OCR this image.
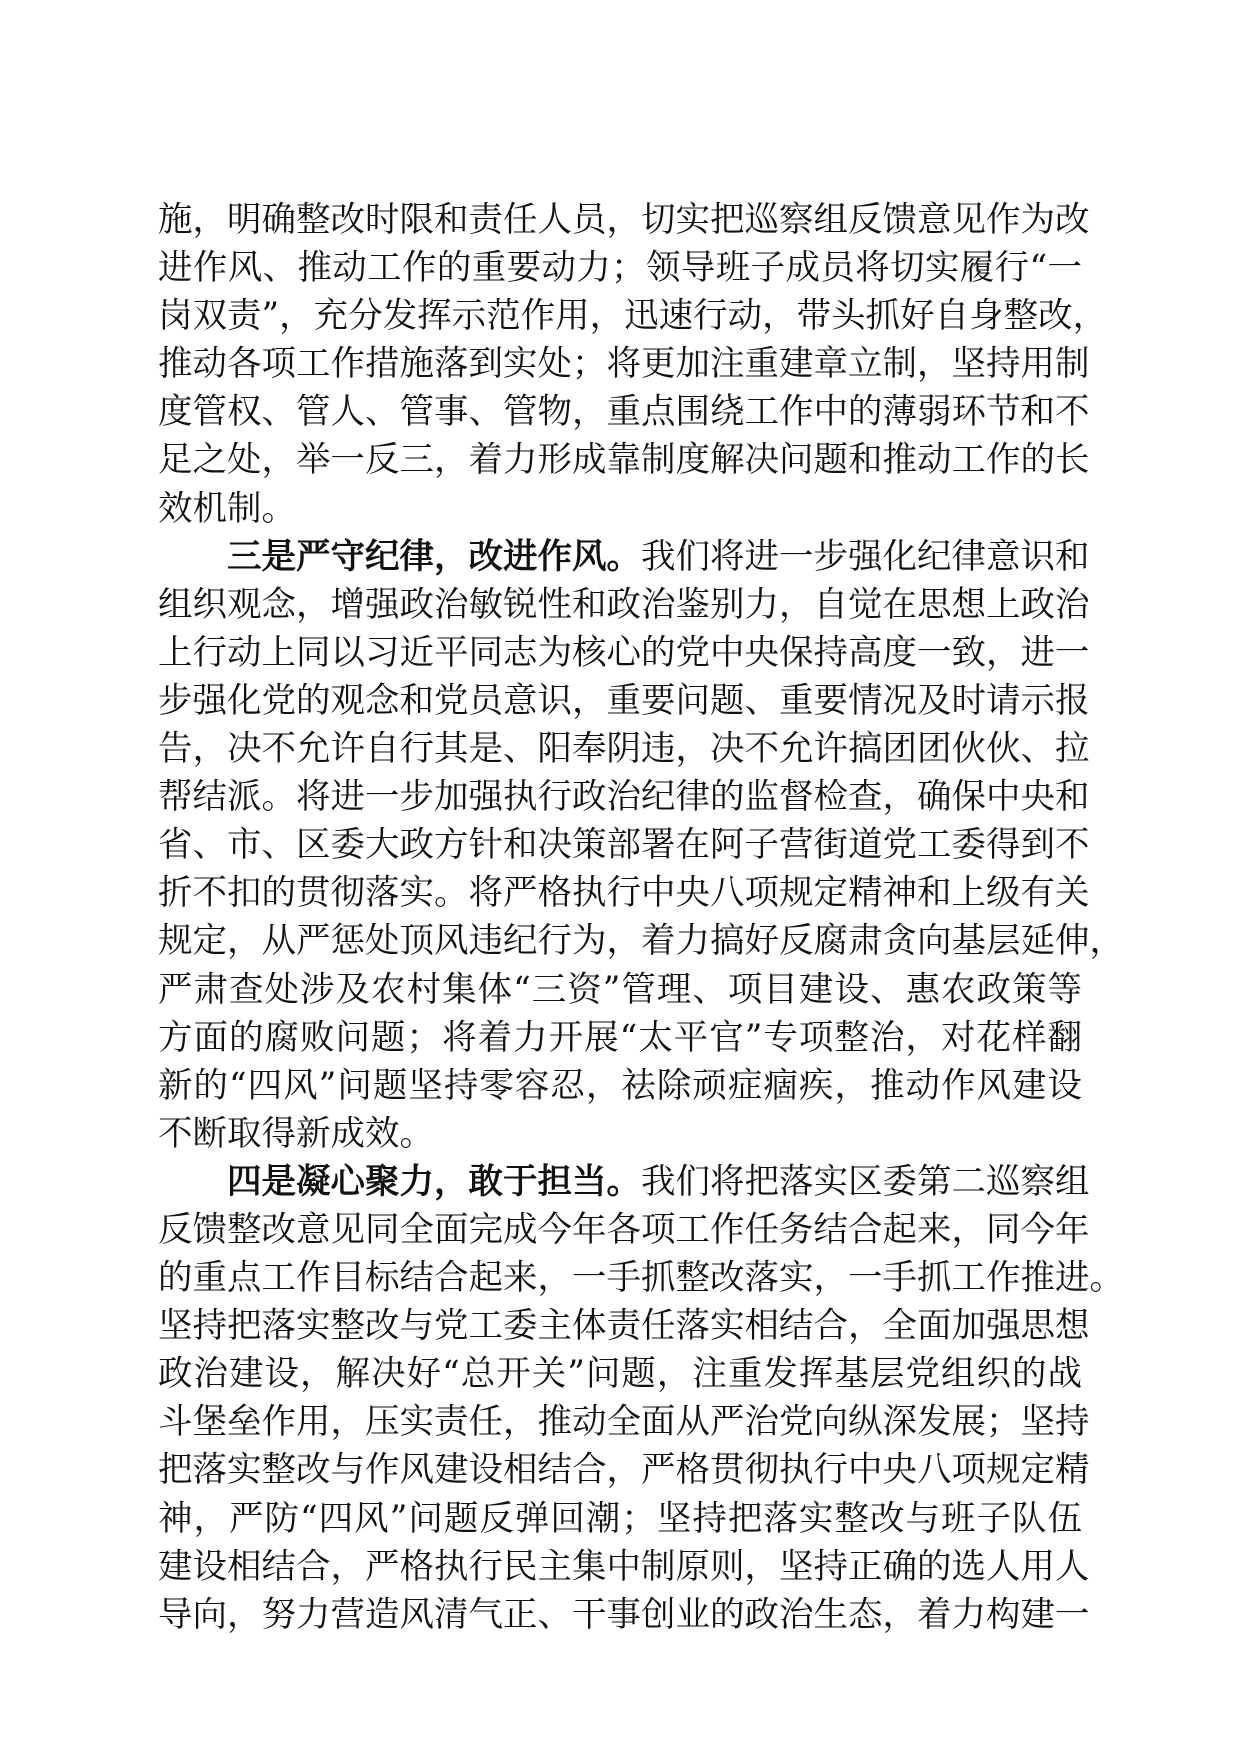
施，明确整改时限和责任人员，切实把巡察组反馈意见作为改
进作风、推动工作的重要动力；领导班子成员将切实履行“一
岗双责”，充分发挥示范作用，迅速行动，带头抓好自身整改，
推动各项工作措施落到实处；将更加注重建章立制，坚持用制
度管权、管人、管事、管物，重点围绕工作中的薄弱环节和不
足之处，举一反三，着力形成靠制度解决问题和推动工作的长
效机制。
三是严守纪律，改进作风。我们将进一步强化纪律意识和
组织观念，增强政治敏锐性和政治鉴别力，自觉在思想上政治
上行动上同以习近平同志为核心的党中央保持高度一致，进一
步强化党的观念和党员意识，重要问题、重要情况及时请示报
告，决不允许自行其是、阳奉阴违，决不允许搞团团伙伙、拉
帮结派。将进一步加强执行政治纪律的监督检查，确保中央和
省、市、区委大政方针和决策部署在阿子营街道党工委得到不
折不扣的贯彻落实。将严格执行中央八项规定精神和上级有关
规定，从严惩处顶风违纪行为，着力搞好反腐肃贪向基层延伸，
严肃查处涉及农村集体“三资”管理、项目建设、惠农政策等
方面的腐败问题；将着力开展“太平官”专项整治，对花样翻
新的“四风”问题坚持零容忍，祛除顽症痼疾，推动作风建设
不断取得新成效。
四是凝心聚力，敢于担当。我们将把落实区委第二巡察组
反馈整改意见同全面完成今年各项工作任务结合起来，同今年
的重点工作目标结合起来，一手抓整改落实，一手抓工作推进。
坚持把落实整改与党工委主体责任落实相结合，全面加强思想
政治建设，解决好“总开关”问题，注重发挥基层党组织的战
斗堡垒作用，压实责任，推动全面从严治党向纵深发展；坚持
把落实整改与作风建设相结合，严格贯彻执行中央八项规定精
神，严防“四风”问题反弹回潮；坚持把落实整改与班子队伍
建设相结合，严格执行民主集中制原则，坚持正确的选人用人
导向，努力营造风清气正、干事创业的政治生态，着力构建一
